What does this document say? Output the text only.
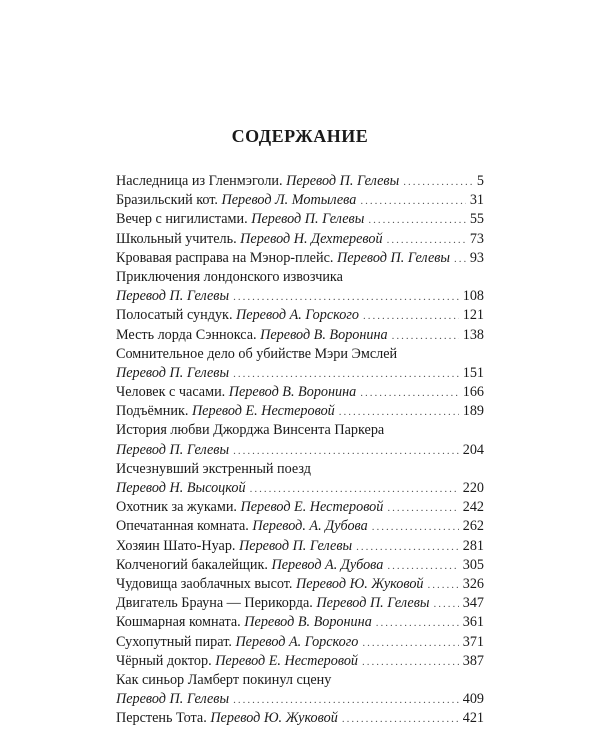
СОДЕРЖАНИЕ
Наследница из Гленмэголи. Перевод П. Гелевы .....	5
Бразильский кот. Перевод Л. Мотылева .....	31
Вечер с нигилистами. Перевод П. Гелевы .....	55
Школьный учитель. Перевод Н. Дехтеревой .....	73
Кровавая расправа на Мэнор-плейс. Перевод П. Гелевы ..... 93
Приключения лондонского извозчика
Перевод П. Гелевы .....	108
Полосатый сундук. Перевод А. Горского .....	121
Месть лорда Сэннокса. Перевод В. Воронина .....	138
Сомнительное дело об убийстве Мэри Эмслей
Перевод П. Гелевы .....	151
Человек с часами. Перевод В. Воронина .....	166
Подъёмник. Перевод Е. Нестеровой .....	189
История любви Джорджа Винсента Паркера
Перевод П. Гелевы .....	204
Исчезнувший экстренный поезд
Перевод Н. Высоцкой .....	220
Охотник за жуками. Перевод Е. Нестеровой .....	242
Опечатанная комната. Перевод. А. Дубова .....	262
Хозяин Шато-Нуар. Перевод П. Гелевы .....	281
Колченогий бакалейщик. Перевод А. Дубова .....	305
Чудовища заоблачных высот. Перевод Ю. Жуковой .....	326
Двигатель Брауна — Перикорда. Перевод П. Гелевы ..... 347
Кошмарная комната. Перевод В. Воронина .....	361
Сухопутный пират. Перевод А. Горского .....	371
Чёрный доктор. Перевод Е. Нестеровой .....	387
Как синьор Ламберт покинул сцену
Перевод П. Гелевы .....	409
Перстень Тота. Перевод Ю. Жуковой .....	421
